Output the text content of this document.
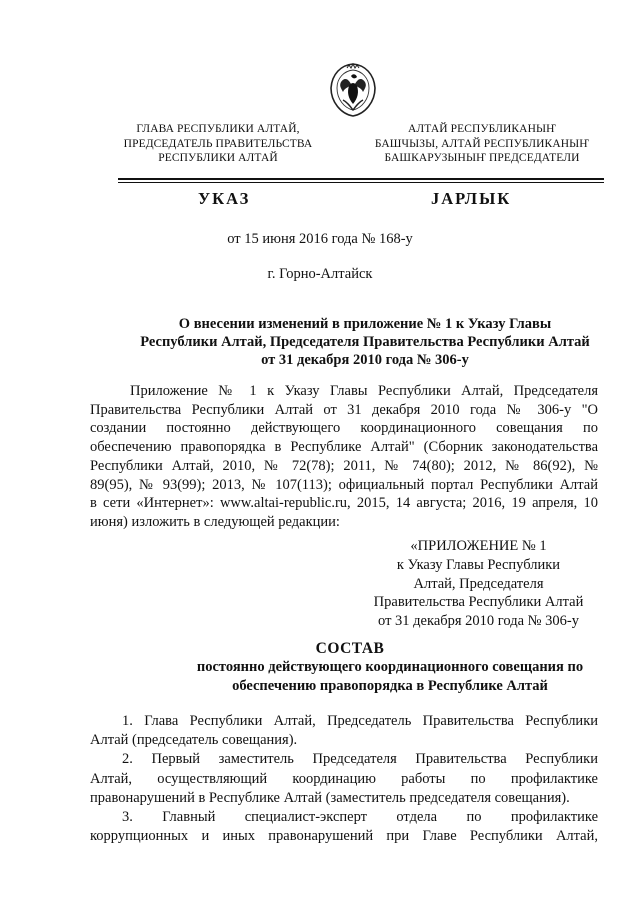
ГЛАВА РЕСПУБЛИКИ АЛТАЙ,
ПРЕДСЕДАТЕЛЬ ПРАВИТЕЛЬСТВА
РЕСПУБЛИКИ АЛТАЙ
АЛТАЙ РЕСПУБЛИКАНЫҤ
БАШЧЫЗЫ, АЛТАЙ РЕСПУБЛИКАНЫҤ
БАШКАРУЗЫНЫҤ ПРЕДСЕДАТЕЛИ
УКАЗ	JАРЛЫК
от 15 июня 2016 года № 168-у
г. Горно-Алтайск
О внесении изменений в приложение № 1 к Указу Главы
Республики Алтай, Председателя Правительства Республики Алтай
от 31 декабря 2010 года № 306-у
Приложение № 1 к Указу Главы Республики Алтай, Председателя
Правительства Республики Алтай от 31 декабря 2010 года № 306-у "О
создании постоянно действующего координационного совещания по
обеспечению правопорядка в Республике Алтай" (Сборник законодательства
Республики Алтай, 2010, № 72(78); 2011, № 74(80); 2012, № 86(92), №
89(95), № 93(99); 2013, № 107(113); официальный портал Республики Алтай
в сети «Интернет»: www.altai-republic.ru, 2015, 14 августа; 2016, 19 апреля, 10
июня) изложить в следующей редакции:
«ПРИЛОЖЕНИЕ № 1
к Указу Главы Республики
Алтай, Председателя
Правительства Республики Алтай
от 31 декабря 2010 года № 306-у
СОСТАВ
постоянно действующего координационного совещания по
обеспечению правопорядка в Республике Алтай
1. Глава Республики Алтай, Председатель Правительства Республики
Алтай (председатель совещания).
2. Первый заместитель Председателя Правительства Республики
Алтай, осуществляющий координацию работы по профилактике
правонарушений в Республике Алтай (заместитель председателя совещания).
3. Главный специалист-эксперт отдела по профилактике
коррупционных и иных правонарушений при Главе Республики Алтай,
